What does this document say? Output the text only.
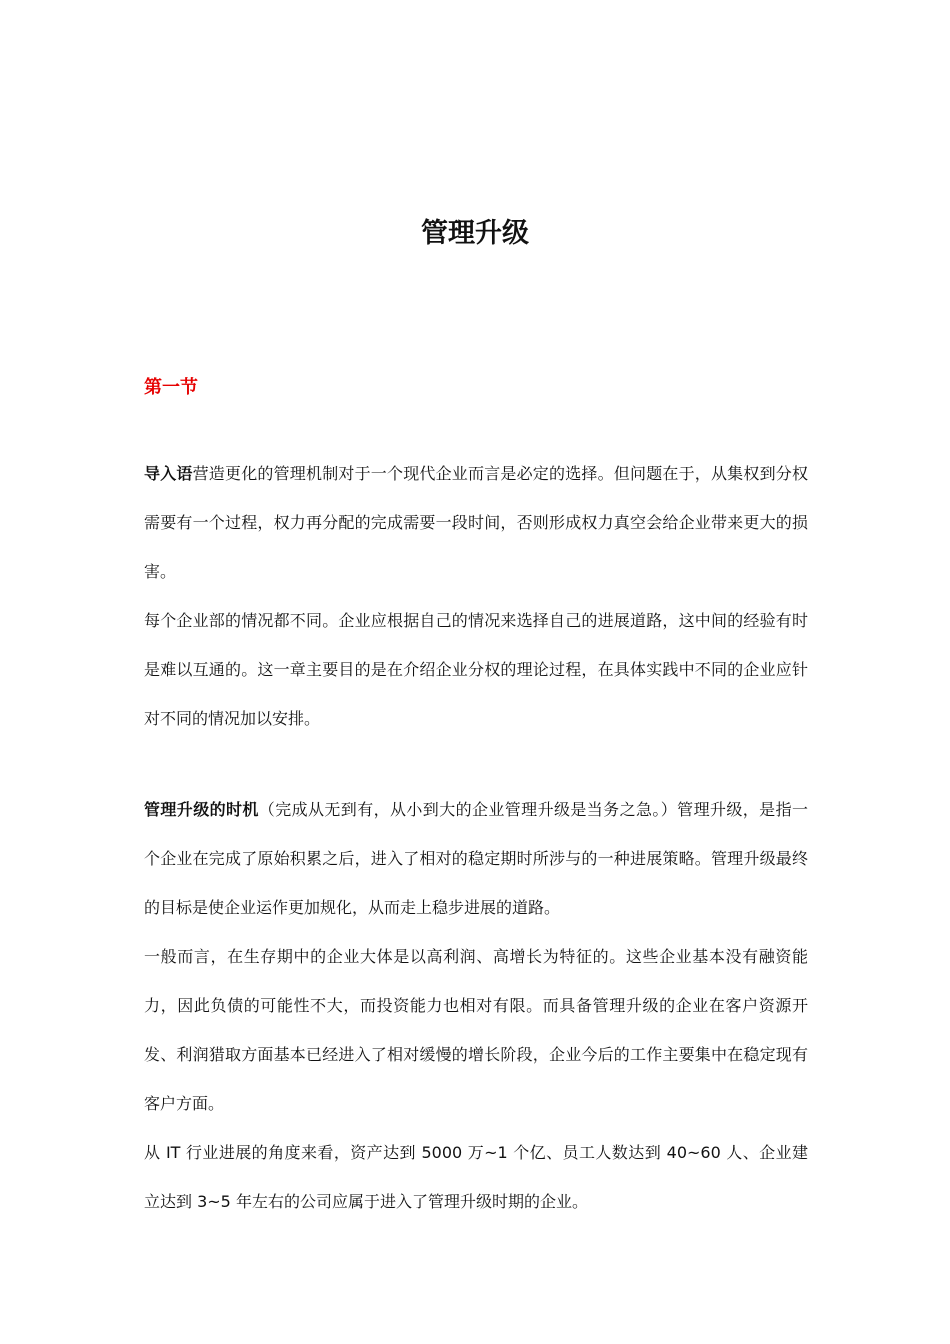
管理升级
第一节

导入语营造更化的管理机制对于一个现代企业而言是必定的选择。但问题在于，从集权到分权需要有一个过程，权力再分配的完成需要一段时间，否则形成权力真空会给企业带来更大的损害。

每个企业部的情况都不同。企业应根据自己的情况来选择自己的进展道路，这中间的经验有时是难以互通的。这一章主要目的是在介绍企业分权的理论过程，在具体实践中不同的企业应针对不同的情况加以安排。

管理升级的时机（完成从无到有，从小到大的企业管理升级是当务之急。）管理升级，是指一个企业在完成了原始积累之后，进入了相对的稳定期时所涉与的一种进展策略。管理升级最终的目标是使企业运作更加规化，从而走上稳步进展的道路。

一般而言，在生存期中的企业大体是以高利润、高增长为特征的。这些企业基本没有融资能力，因此负债的可能性不大，而投资能力也相对有限。而具备管理升级的企业在客户资源开发、利润猎取方面基本已经进入了相对缓慢的增长阶段，企业今后的工作主要集中在稳定现有客户方面。

从 IT 行业进展的角度来看，资产达到 5000 万~1 个亿、员工人数达到 40~60 人、企业建立达到 3~5 年左右的公司应属于进入了管理升级时期的企业。
